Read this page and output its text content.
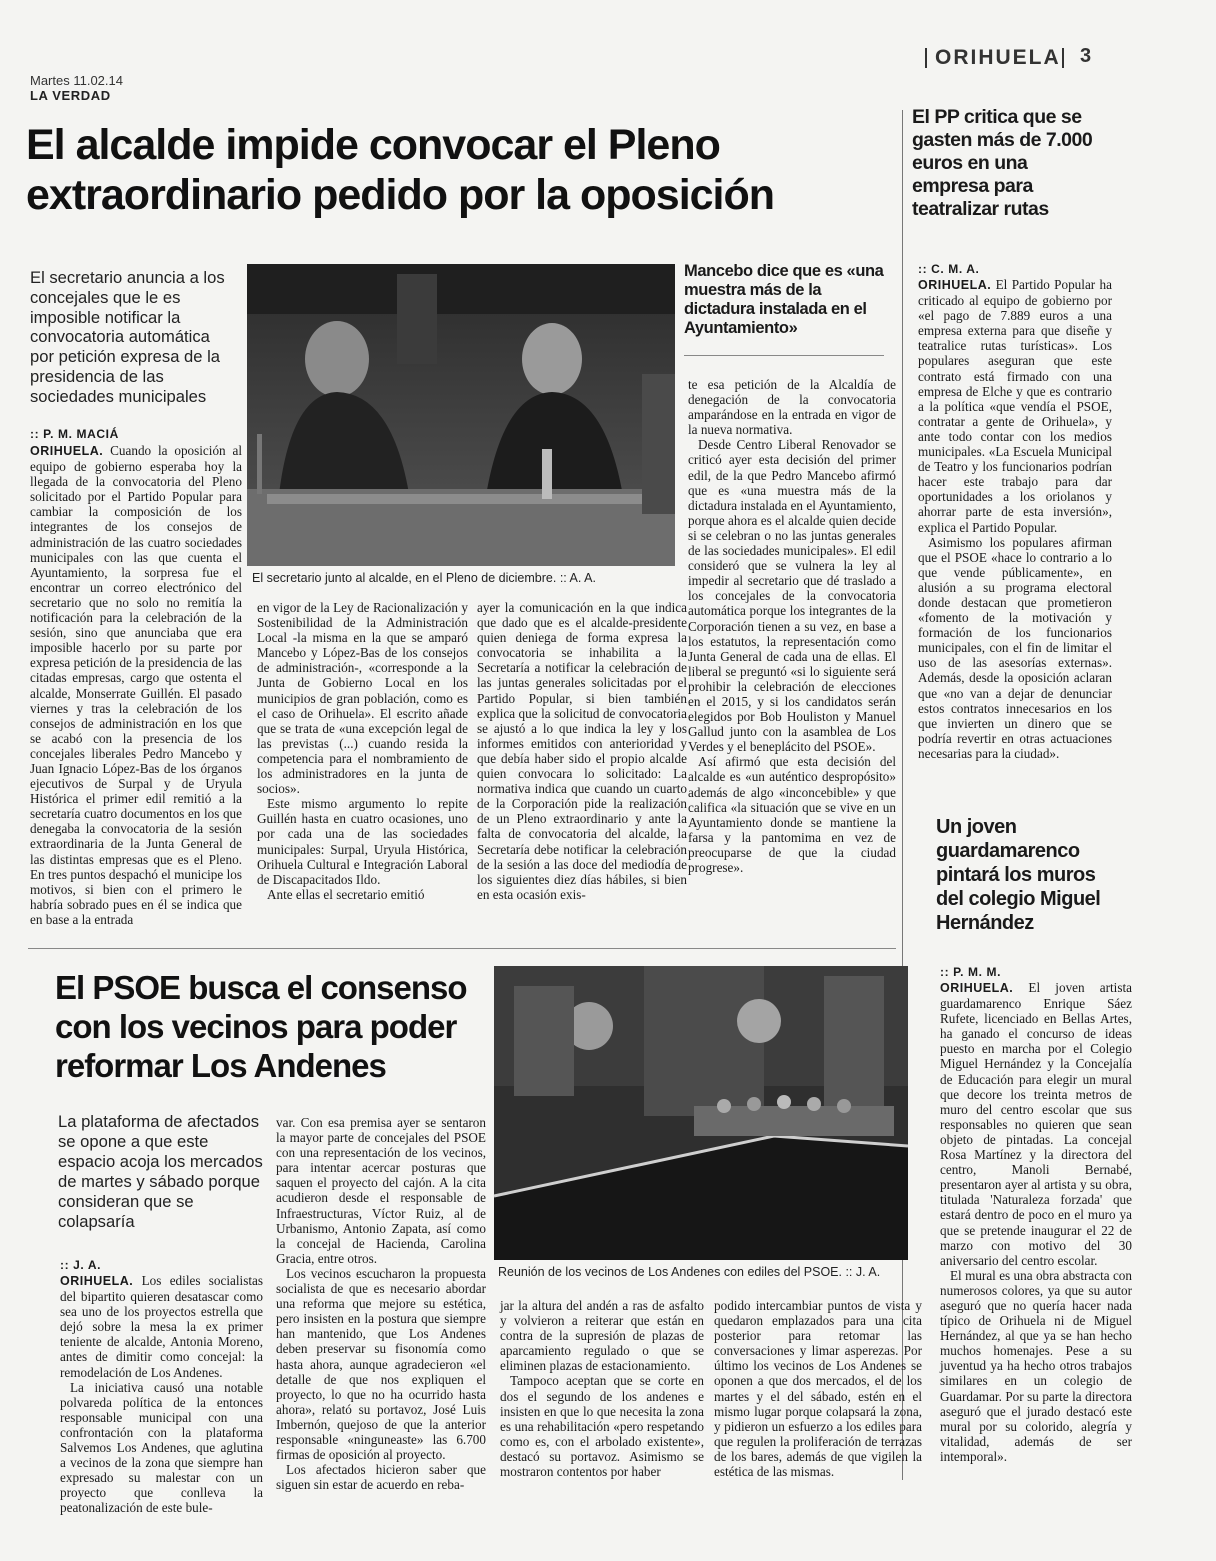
ORIHUELA 3
Martes 11.02.14
LA VERDAD
El alcalde impide convocar el Pleno
extraordinario pedido por la oposición
El secretario anuncia a los concejales que le es imposible notificar la convocatoria automática por petición expresa de la presidencia de las sociedades municipales
El secretario junto al alcalde, en el Pleno de diciembre. :: A. A.
:: P. M. MACIÁ

ORIHUELA. Cuando la oposición al equipo de gobierno esperaba hoy la llegada de la convocatoria del Pleno solicitado por el Partido Popular para cambiar la composición de los integrantes de los consejos de administración de las cuatro sociedades municipales con las que cuenta el Ayuntamiento, la sorpresa fue el encontrar un correo electrónico del secretario que no solo no remitía la notificación para la celebración de la sesión, sino que anunciaba que era imposible hacerlo por su parte por expresa petición de la presidencia de las citadas empresas, cargo que ostenta el alcalde, Monserrate Guillén. El pasado viernes y tras la celebración de los consejos de administración en los que se acabó con la presencia de los concejales liberales Pedro Mancebo y Juan Ignacio López-Bas de los órganos ejecutivos de Surpal y de Uryula Histórica el primer edil remitió a la secretaría cuatro documentos en los que denegaba la convocatoria de la sesión extraordinaria de la Junta General de las distintas empresas que es el Pleno. En tres puntos despachó el municipe los motivos, si bien con el primero le habría sobrado pues en él se indica que en base a la entrada

en vigor de la Ley de Racionalización y Sostenibilidad de la Administración Local -la misma en la que se amparó Mancebo y López-Bas de los consejos de administración-, «corresponde a la Junta de Gobierno Local en los municipios de gran población, como es el caso de Orihuela». El escrito añade que se trata de «una excepción legal de las previstas (...) cuando resida la competencia para el nombramiento de los administradores en la junta de socios».

Este mismo argumento lo repite Guillén hasta en cuatro ocasiones, uno por cada una de las sociedades municipales: Surpal, Uryula Histórica, Orihuela Cultural e Integración Laboral de Discapacitados Ildo.

Ante ellas el secretario emitió

ayer la comunicación en la que indica que dado que es el alcalde-presidente quien deniega de forma expresa la convocatoria se inhabilita a la Secretaría a notificar la celebración de las juntas generales solicitadas por el Partido Popular, si bien también explica que la solicitud de convocatoria se ajustó a lo que indica la ley y los informes emitidos con anterioridad y que debía haber sido el propio alcalde quien convocara lo solicitado: La normativa indica que cuando un cuarto de la Corporación pide la realización de un Pleno extraordinario y ante la falta de convocatoria del alcalde, la Secretaría debe notificar la celebración de la sesión a las doce del mediodía de los siguientes diez días hábiles, si bien en esta ocasión exis-

Mancebo dice que es «una muestra más de la dictadura instalada en el Ayuntamiento»

te esa petición de la Alcaldía de denegación de la convocatoria amparándose en la entrada en vigor de la nueva normativa.

Desde Centro Liberal Renovador se criticó ayer esta decisión del primer edil, de la que Pedro Mancebo afirmó que es «una muestra más de la dictadura instalada en el Ayuntamiento, porque ahora es el alcalde quien decide si se celebran o no las juntas generales de las sociedades municipales». El edil consideró que se vulnera la ley al impedir al secretario que dé traslado a los concejales de la convocatoria automática porque los integrantes de la Corporación tienen a su vez, en base a los estatutos, la representación como Junta General de cada una de ellas. El liberal se preguntó «si lo siguiente será prohibir la celebración de elecciones en el 2015, y si los candidatos serán elegidos por Bob Houliston y Manuel Gallud junto con la asamblea de Los Verdes y el beneplácito del PSOE».

Así afirmó que esta decisión del alcalde es «un auténtico despropósito» además de algo «inconcebible» y que califica «la situación que se vive en un Ayuntamiento donde se mantiene la farsa y la pantomima en vez de preocuparse de que la ciudad progrese».

El PP critica que se gasten más de 7.000 euros en una empresa para teatralizar rutas
:: C. M. A.

ORIHUELA. El Partido Popular ha criticado al equipo de gobierno por «el pago de 7.889 euros a una empresa externa para que diseñe y teatralice rutas turísticas». Los populares aseguran que este contrato está firmado con una empresa de Elche y que es contrario a la política «que vendía el PSOE, contratar a gente de Orihuela», y ante todo contar con los medios municipales. «La Escuela Municipal de Teatro y los funcionarios podrían hacer este trabajo para dar oportunidades a los oriolanos y ahorrar parte de esta inversión», explica el Partido Popular.

Asimismo los populares afirman que el PSOE «hace lo contrario a lo que vende públicamente», en alusión a su programa electoral donde destacan que prometieron «fomento de la motivación y formación de los funcionarios municipales, con el fin de limitar el uso de las asesorías externas». Además, desde la oposición aclaran que «no van a dejar de denunciar estos contratos innecesarios en los que invierten un dinero que se podría revertir en otras actuaciones necesarias para la ciudad».

Un joven guardamarenco pintará los muros del colegio Miguel Hernández
:: P. M. M.

ORIHUELA. El joven artista guardamarenco Enrique Sáez Rufete, licenciado en Bellas Artes, ha ganado el concurso de ideas puesto en marcha por el Colegio Miguel Hernández y la Concejalía de Educación para elegir un mural que decore los treinta metros de muro del centro escolar que sus responsables no quieren que sean objeto de pintadas. La concejal Rosa Martínez y la directora del centro, Manoli Bernabé, presentaron ayer al artista y su obra, titulada 'Naturaleza forzada' que estará dentro de poco en el muro ya que se pretende inaugurar el 22 de marzo con motivo del 30 aniversario del centro escolar.

El mural es una obra abstracta con numerosos colores, ya que su autor aseguró que no quería hacer nada típico de Orihuela ni de Miguel Hernández, al que ya se han hecho muchos homenajes. Pese a su juventud ya ha hecho otros trabajos similares en un colegio de Guardamar. Por su parte la directora aseguró que el jurado destacó este mural por su colorido, alegría y vitalidad, además de ser intemporal».

El PSOE busca el consenso con los vecinos para poder reformar Los Andenes
La plataforma de afectados se opone a que este espacio acoja los mercados de martes y sábado porque consideran que se colapsaría
Reunión de los vecinos de Los Andenes con ediles del PSOE. :: J. A.
:: J. A.

ORIHUELA. Los ediles socialistas del bipartito quieren desatascar como sea uno de los proyectos estrella que dejó sobre la mesa la ex primer teniente de alcalde, Antonia Moreno, antes de dimitir como concejal: la remodelación de Los Andenes.

La iniciativa causó una notable polvareda política de la entonces responsable municipal con una confrontación con la plataforma Salvemos Los Andenes, que aglutina a vecinos de la zona que siempre han expresado su malestar con un proyecto que conlleva la peatonalización de este bule-

var. Con esa premisa ayer se sentaron la mayor parte de concejales del PSOE con una representación de los vecinos, para intentar acercar posturas que saquen el proyecto del cajón. A la cita acudieron desde el responsable de Infraestructuras, Víctor Ruiz, al de Urbanismo, Antonio Zapata, así como la concejal de Hacienda, Carolina Gracia, entre otros.

Los vecinos escucharon la propuesta socialista de que es necesario abordar una reforma que mejore su estética, pero insisten en la postura que siempre han mantenido, que Los Andenes deben preservar su fisonomía como hasta ahora, aunque agradecieron «el detalle de que nos expliquen el proyecto, lo que no ha ocurrido hasta ahora», relató su portavoz, José Luis Imbernón, quejoso de que la anterior responsable «ninguneaste» las 6.700 firmas de oposición al proyecto.

Los afectados hicieron saber que siguen sin estar de acuerdo en reba-

jar la altura del andén a ras de asfalto y volvieron a reiterar que están en contra de la supresión de plazas de aparcamiento regulado o que se eliminen plazas de estacionamiento.

Tampoco aceptan que se corte en dos el segundo de los andenes e insisten en que lo que necesita la zona es una rehabilitación «pero respetando como es, con el arbolado existente», destacó su portavoz. Asimismo se mostraron contentos por haber

podido intercambiar puntos de vista y quedaron emplazados para una cita posterior para retomar las conversaciones y limar asperezas. Por último los vecinos de Los Andenes se oponen a que dos mercados, el de los martes y el del sábado, estén en el mismo lugar porque colapsará la zona, y pidieron un esfuerzo a los ediles para que regulen la proliferación de terrazas de los bares, además de que vigilen la estética de las mismas.
